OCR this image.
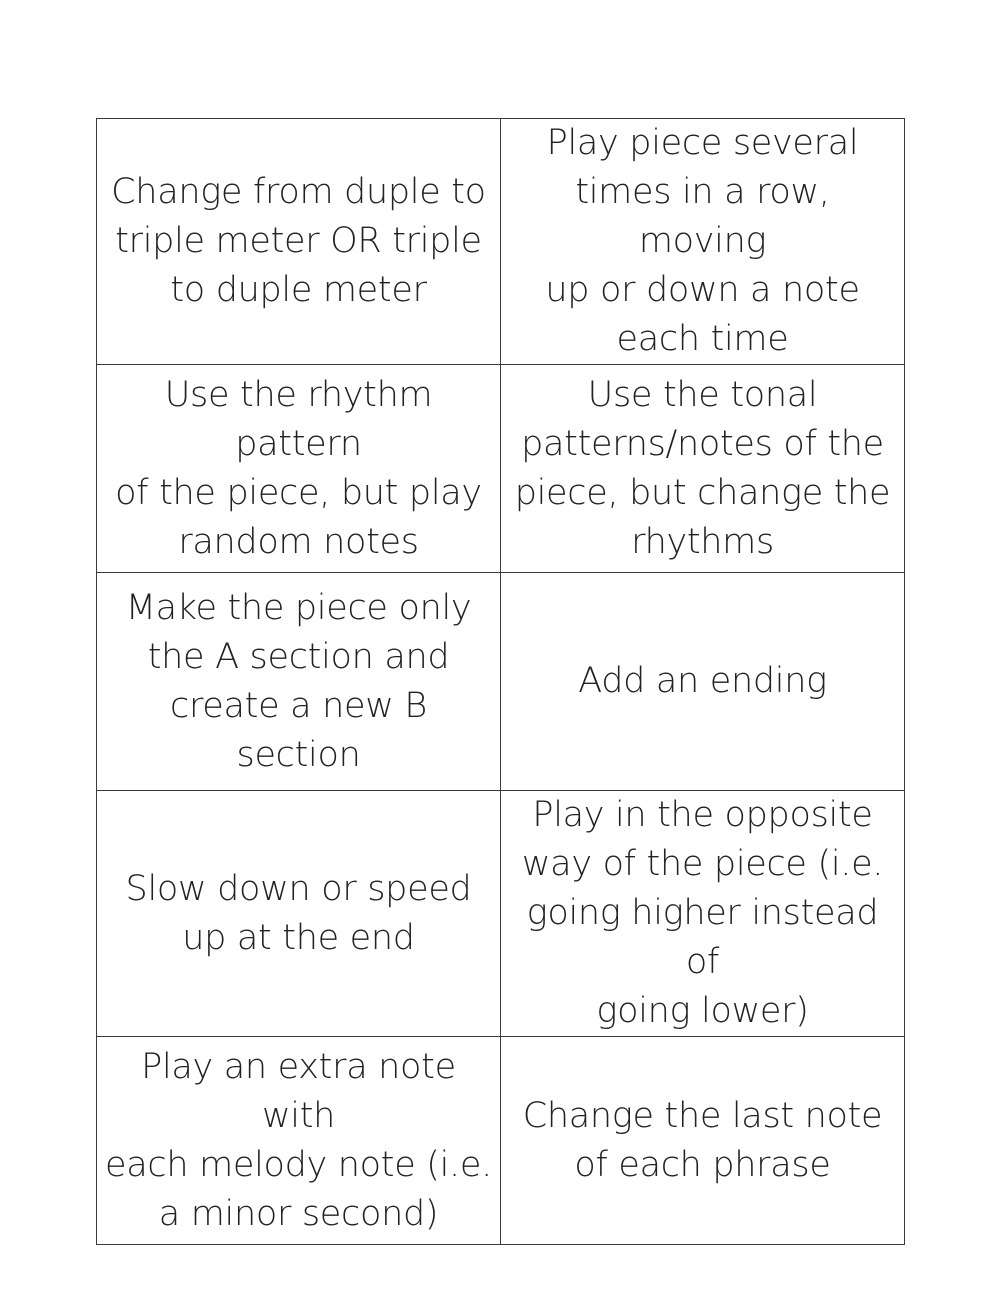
Change from duple to
triple meter OR triple
to duple meter	Play piece several
times in a row, moving
up or down a note
each time

Use the rhythm pattern
of the piece, but play
random notes	Use the tonal
patterns/notes of the
piece, but change the
rhythms

Make the piece only
the A section and
create a new B section	Add an ending

Slow down or speed
up at the end	Play in the opposite
way of the piece (i.e.
going higher instead of
going lower)

Play an extra note with
each melody note (i.e.
a minor second)	Change the last note
of each phrase
